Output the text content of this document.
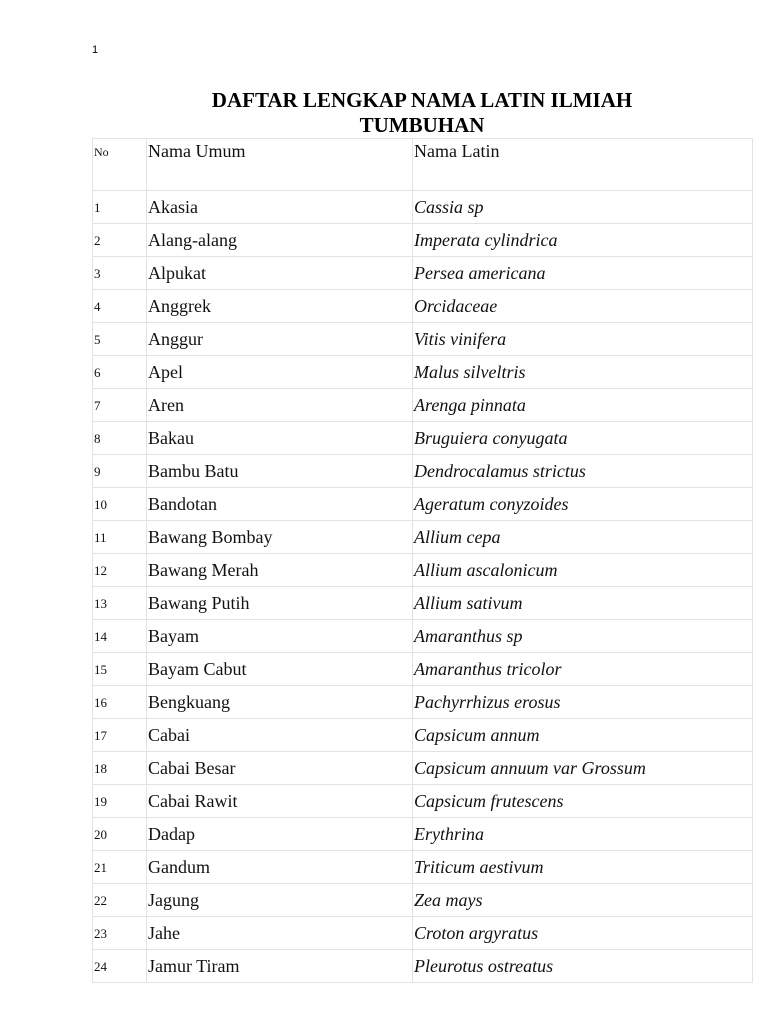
1
DAFTAR LENGKAP NAMA LATIN ILMIAH
TUMBUHAN
No	Nama Umum	Nama Latin
1	Akasia	Cassia sp
2	Alang-alang	Imperata cylindrica
3	Alpukat	Persea americana
4	Anggrek	Orcidaceae
5	Anggur	Vitis vinifera
6	Apel	Malus silveltris
7	Aren	Arenga pinnata
8	Bakau	Bruguiera conyugata
9	Bambu Batu	Dendrocalamus strictus
10	Bandotan	Ageratum conyzoides
11	Bawang Bombay	Allium cepa
12	Bawang Merah	Allium ascalonicum
13	Bawang Putih	Allium sativum
14	Bayam	Amaranthus sp
15	Bayam Cabut	Amaranthus tricolor
16	Bengkuang	Pachyrrhizus erosus
17	Cabai	Capsicum annum
18	Cabai Besar	Capsicum annuum var Grossum
19	Cabai Rawit	Capsicum frutescens
20	Dadap	Erythrina
21	Gandum	Triticum aestivum
22	Jagung	Zea mays
23	Jahe	Croton argyratus
24	Jamur Tiram	Pleurotus ostreatus
